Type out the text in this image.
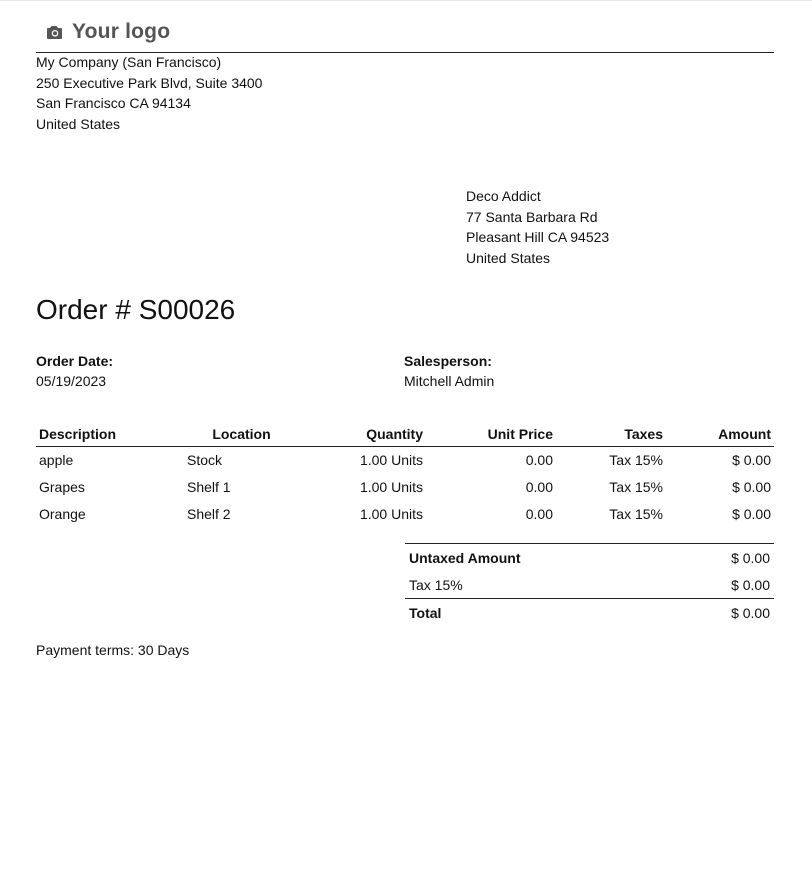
Your logo
My Company (San Francisco)
250 Executive Park Blvd, Suite 3400
San Francisco CA 94134
United States
Deco Addict
77 Santa Barbara Rd
Pleasant Hill CA 94523
United States
Order # S00026
Order Date:
05/19/2023
Salesperson:
Mitchell Admin
Description	Location	Quantity	Unit Price	Taxes	Amount
apple	Stock	1.00 Units	0.00	Tax 15%	$ 0.00
Grapes	Shelf 1	1.00 Units	0.00	Tax 15%	$ 0.00
Orange	Shelf 2	1.00 Units	0.00	Tax 15%	$ 0.00
Untaxed Amount	$ 0.00
Tax 15%	$ 0.00
Total	$ 0.00
Payment terms: 30 Days
